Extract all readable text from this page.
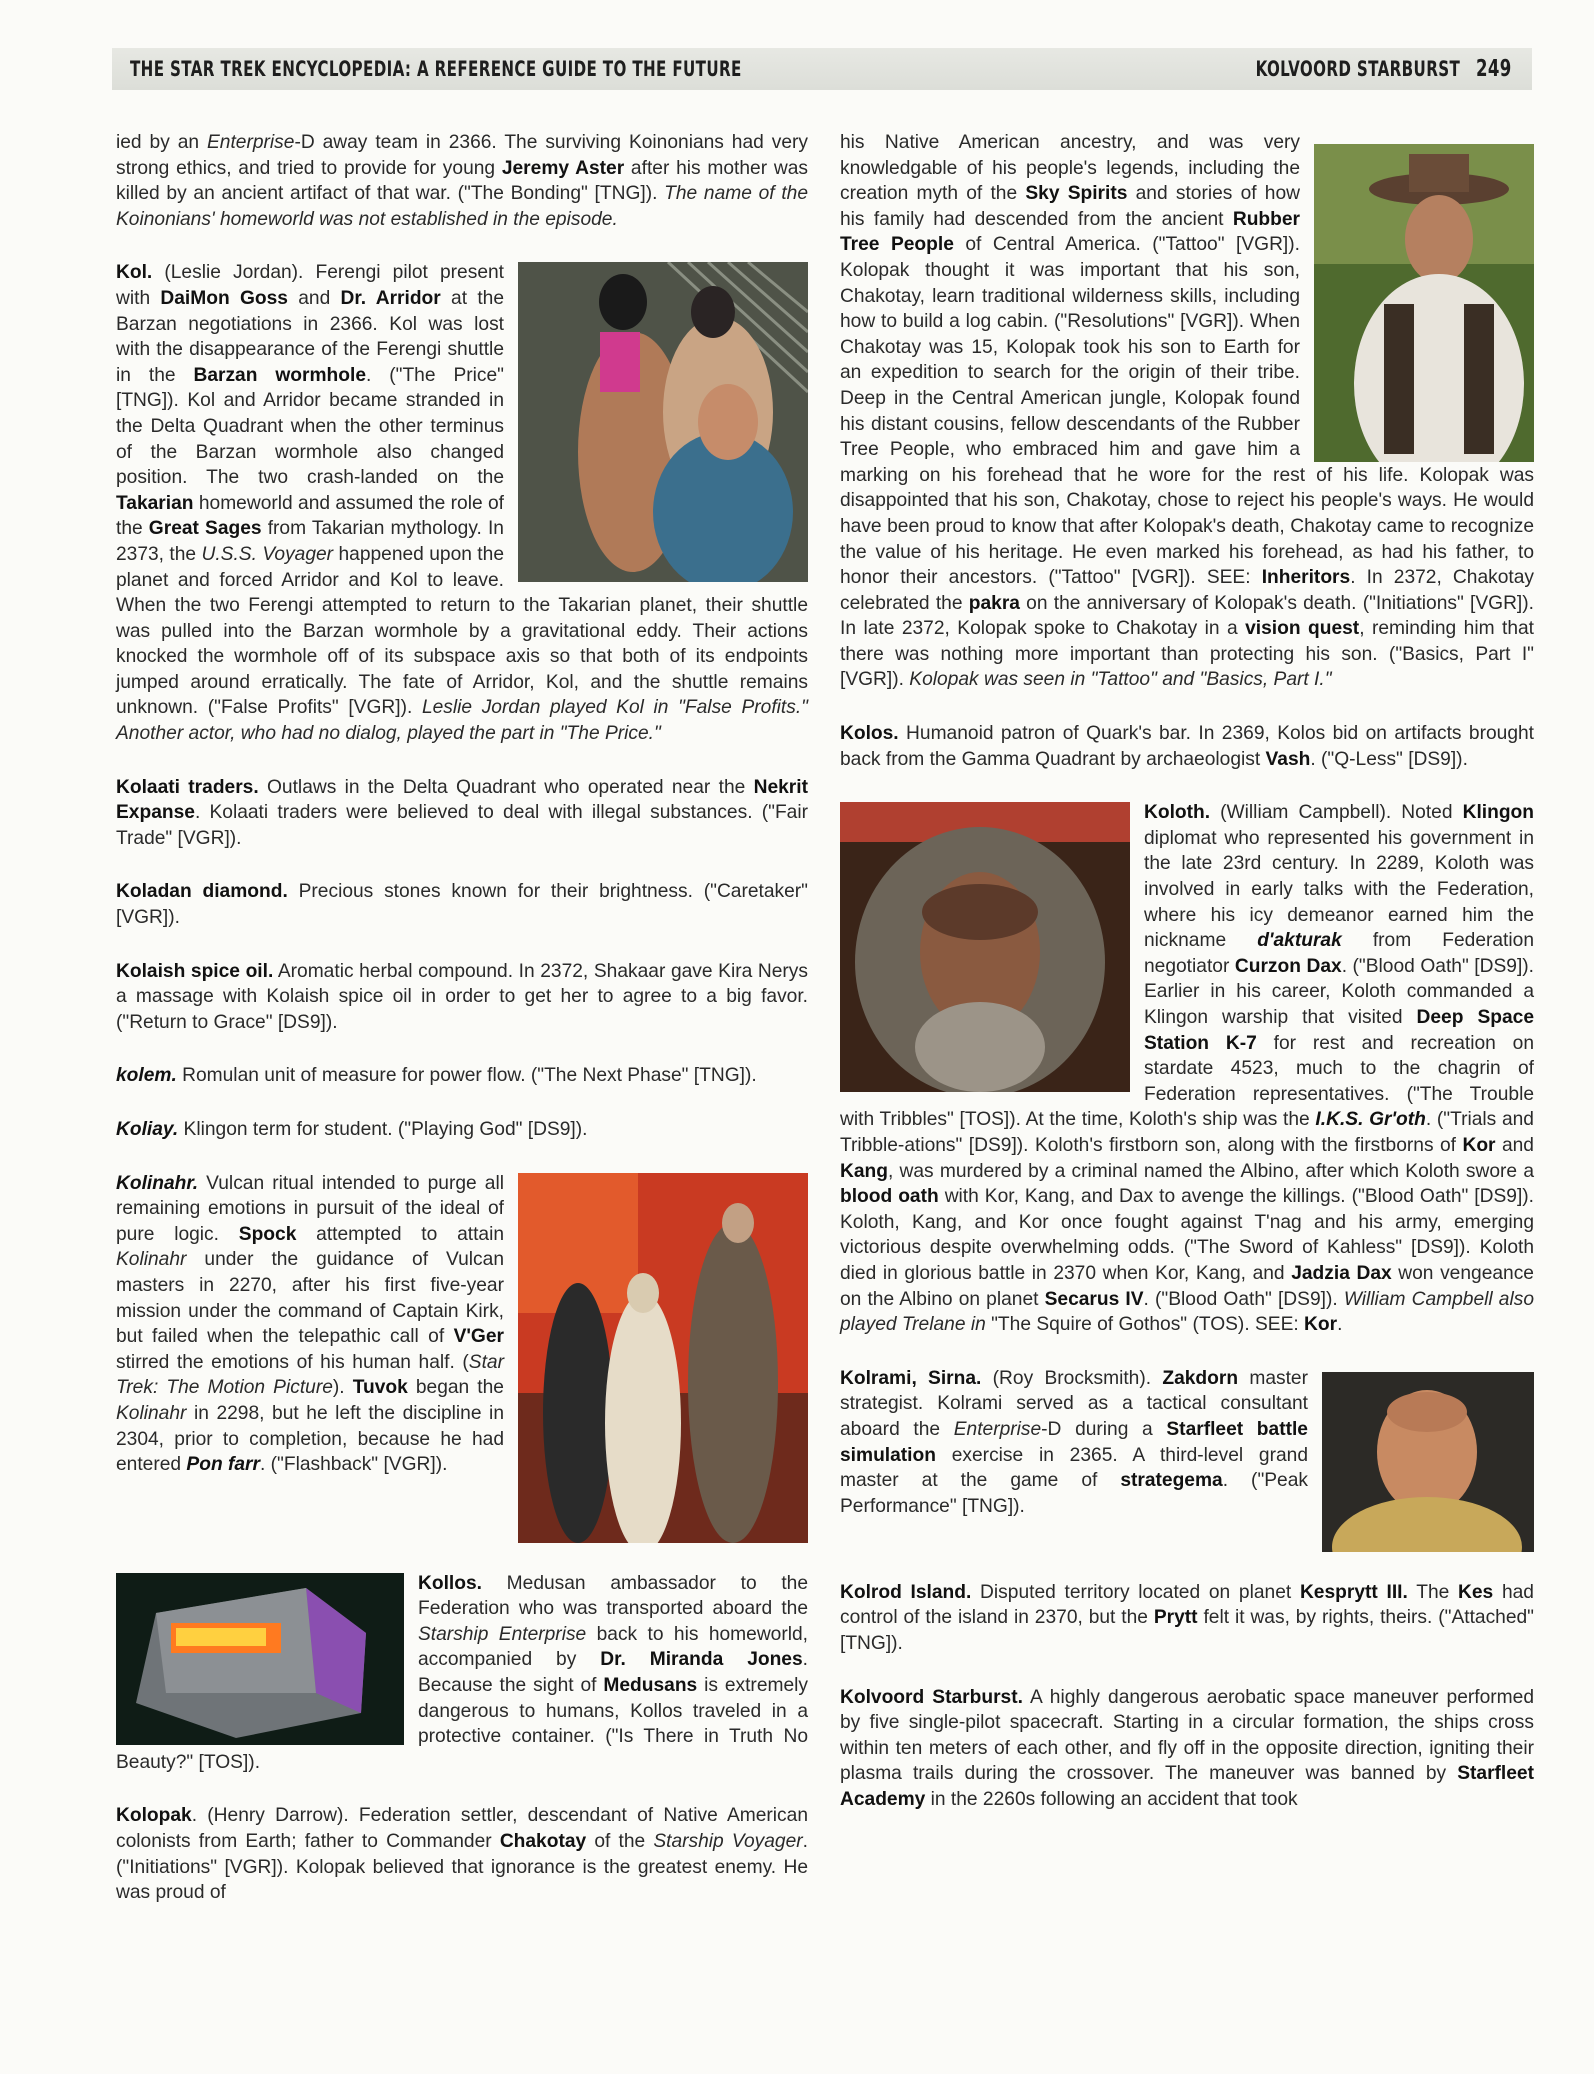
THE STAR TREK ENCYCLOPEDIA: A REFERENCE GUIDE TO THE FUTURE	KOLVOORD STARBURST 249

ied by an Enterprise-D away team in 2366. The surviving Koinonians had very strong ethics, and tried to provide for young Jeremy Aster after his mother was killed by an ancient artifact of that war. ("The Bonding" [TNG]). The name of the Koinonians' homeworld was not established in the episode.

Kol. (Leslie Jordan). Ferengi pilot present with DaiMon Goss and Dr. Arridor at the Barzan negotiations in 2366. Kol was lost with the disappearance of the Ferengi shuttle in the Barzan wormhole. ("The Price" [TNG]). Kol and Arridor became stranded in the Delta Quadrant when the other terminus of the Barzan wormhole also changed position. The two crash-landed on the Takarian homeworld and assumed the role of the Great Sages from Takarian mythology. In 2373, the U.S.S. Voyager happened upon the planet and forced Arridor and Kol to leave. When the two Ferengi attempted to return to the Takarian planet, their shuttle was pulled into the Barzan wormhole by a gravitational eddy. Their actions knocked the wormhole off of its subspace axis so that both of its endpoints jumped around erratically. The fate of Arridor, Kol, and the shuttle remains unknown. ("False Profits" [VGR]). Leslie Jordan played Kol in "False Profits." Another actor, who had no dialog, played the part in "The Price."

Kolaati traders. Outlaws in the Delta Quadrant who operated near the Nekrit Expanse. Kolaati traders were believed to deal with illegal substances. ("Fair Trade" [VGR]).

Koladan diamond. Precious stones known for their brightness. ("Caretaker" [VGR]).

Kolaish spice oil. Aromatic herbal compound. In 2372, Shakaar gave Kira Nerys a massage with Kolaish spice oil in order to get her to agree to a big favor. ("Return to Grace" [DS9]).

kolem. Romulan unit of measure for power flow. ("The Next Phase" [TNG]).

Koliay. Klingon term for student. ("Playing God" [DS9]).

Kolinahr. Vulcan ritual intended to purge all remaining emotions in pursuit of the ideal of pure logic. Spock attempted to attain Kolinahr under the guidance of Vulcan masters in 2270, after his first five-year mission under the command of Captain Kirk, but failed when the telepathic call of V'Ger stirred the emotions of his human half. (Star Trek: The Motion Picture). Tuvok began the Kolinahr in 2298, but he left the discipline in 2304, prior to completion, because he had entered Pon farr. ("Flashback" [VGR]).

Kollos. Medusan ambassador to the Federation who was transported aboard the Starship Enterprise back to his homeworld, accompanied by Dr. Miranda Jones. Because the sight of Medusans is extremely dangerous to humans, Kollos traveled in a protective container. ("Is There in Truth No Beauty?" [TOS]).

Kolopak. (Henry Darrow). Federation settler, descendant of Native American colonists from Earth; father to Commander Chakotay of the Starship Voyager. ("Initiations" [VGR]). Kolopak believed that ignorance is the greatest enemy. He was proud of

his Native American ancestry, and was very knowledgable of his people's legends, including the creation myth of the Sky Spirits and stories of how his family had descended from the ancient Rubber Tree People of Central America. ("Tattoo" [VGR]). Kolopak thought it was important that his son, Chakotay, learn traditional wilderness skills, including how to build a log cabin. ("Resolutions" [VGR]). When Chakotay was 15, Kolopak took his son to Earth for an expedition to search for the origin of their tribe. Deep in the Central American jungle, Kolopak found his distant cousins, fellow descendants of the Rubber Tree People, who embraced him and gave him a marking on his forehead that he wore for the rest of his life. Kolopak was disappointed that his son, Chakotay, chose to reject his people's ways. He would have been proud to know that after Kolopak's death, Chakotay came to recognize the value of his heritage. He even marked his forehead, as had his father, to honor their ancestors. ("Tattoo" [VGR]). SEE: Inheritors. In 2372, Chakotay celebrated the pakra on the anniversary of Kolopak's death. ("Initiations" [VGR]). In late 2372, Kolopak spoke to Chakotay in a vision quest, reminding him that there was nothing more important than protecting his son. ("Basics, Part I" [VGR]). Kolopak was seen in "Tattoo" and "Basics, Part I."

Kolos. Humanoid patron of Quark's bar. In 2369, Kolos bid on artifacts brought back from the Gamma Quadrant by archaeologist Vash. ("Q-Less" [DS9]).

Koloth. (William Campbell). Noted Klingon diplomat who represented his government in the late 23rd century. In 2289, Koloth was involved in early talks with the Federation, where his icy demeanor earned him the nickname d'akturak from Federation negotiator Curzon Dax. ("Blood Oath" [DS9]). Earlier in his career, Koloth commanded a Klingon warship that visited Deep Space Station K-7 for rest and recreation on stardate 4523, much to the chagrin of Federation representatives. ("The Trouble with Tribbles" [TOS]). At the time, Koloth's ship was the I.K.S. Gr'oth. ("Trials and Tribble-ations" [DS9]). Koloth's firstborn son, along with the firstborns of Kor and Kang, was murdered by a criminal named the Albino, after which Koloth swore a blood oath with Kor, Kang, and Dax to avenge the killings. ("Blood Oath" [DS9]). Koloth, Kang, and Kor once fought against T'nag and his army, emerging victorious despite overwhelming odds. ("The Sword of Kahless" [DS9]). Koloth died in glorious battle in 2370 when Kor, Kang, and Jadzia Dax won vengeance on the Albino on planet Secarus IV. ("Blood Oath" [DS9]). William Campbell also played Trelane in "The Squire of Gothos" (TOS). SEE: Kor.

Kolrami, Sirna. (Roy Brocksmith). Zakdorn master strategist. Kolrami served as a tactical consultant aboard the Enterprise-D during a Starfleet battle simulation exercise in 2365. A third-level grand master at the game of strategema. ("Peak Performance" [TNG]).

Kolrod Island. Disputed territory located on planet Kesprytt III. The Kes had control of the island in 2370, but the Prytt felt it was, by rights, theirs. ("Attached" [TNG]).

Kolvoord Starburst. A highly dangerous aerobatic space maneuver performed by five single-pilot spacecraft. Starting in a circular formation, the ships cross within ten meters of each other, and fly off in the opposite direction, igniting their plasma trails during the crossover. The maneuver was banned by Starfleet Academy in the 2260s following an accident that took
